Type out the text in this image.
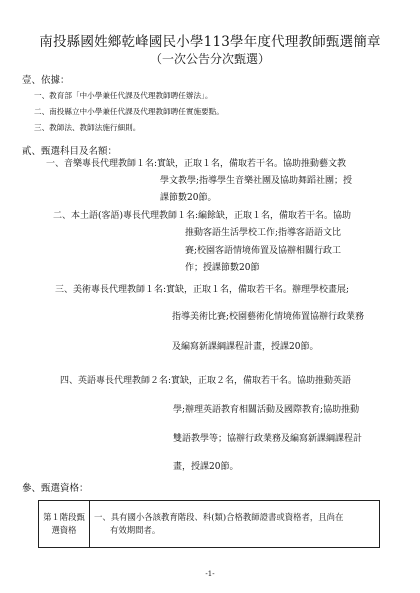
南投縣國姓鄉乾峰國民小學113學年度代理教師甄選簡章
（一次公告分次甄選）
壹、依據：
一、教育部「中小學兼任代課及代理教師聘任辦法」。
二、南投縣立中小學兼任代課及代理教師聘任實施要點。
三、教師法、教師法施行細則。
貳、甄選科目及名額：
一、音樂專長代理教師１名:實缺，正取１名，備取若干名。協助推動藝文教
學文教學;指導學生音樂社團及協助舞蹈社團；授
課節數20節。
二、本土語(客語)專長代理教師１名:編餘缺，正取１名，備取若干名。協助
推動客語生活學校工作;指導客語語文比
賽;校園客語情境佈置及協辦相關行政工
作；授課節數20節
三、美術專長代理教師１名:實缺，正取１名，備取若干名。辦理學校畫展;
指導美術比賽;校園藝術化情境佈置協辦行政業務
及編寫新課綱課程計畫，授課20節。
四、英語專長代理教師２名:實缺，正取２名，備取若干名。協助推動英語
學;辦理英語教育相關活動及國際教育;協助推動
雙語教學等；協辦行政業務及編寫新課綱課程計
畫，授課20節。
參、甄選資格：
第１階段甄
選資格

一、具有國小各該教育階段、科(類)合格教師證書或資格者，且尚在
有效期間者。
-1-
